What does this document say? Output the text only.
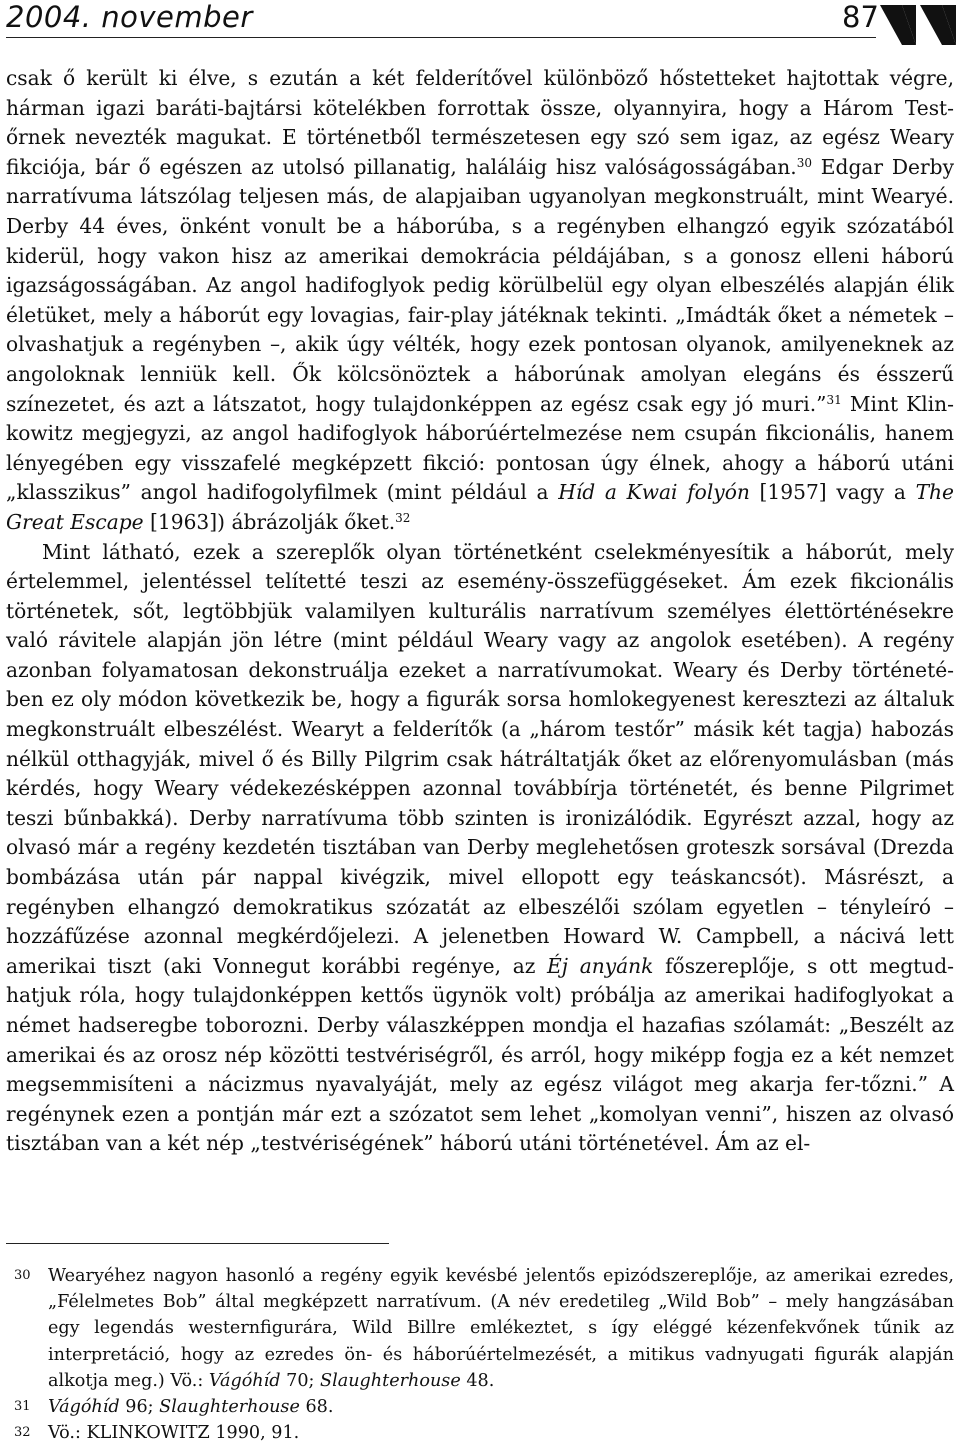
2004. november	87

csak ő került ki élve, s ezután a két felderítővel különböző hőstetteket hajtottak végre, hárman igazi baráti-bajtársi kötelékben forrottak össze, olyannyira, hogy a Három Test-őrnek nevezték magukat. E történetből természetesen egy szó sem igaz, az egész Weary fikciója, bár ő egészen az utolsó pillanatig, haláláig hisz valóságosságában.$^{30}$ Edgar Derby narratívuma látszólag teljesen más, de alapjaiban ugyanolyan megkonstruált, mint Wearyé. Derby 44 éves, önként vonult be a háborúba, s a regényben elhangzó egyik szózatából kiderül, hogy vakon hisz az amerikai demokrácia példájában, s a gonosz elleni háború igazságosságában. Az angol hadifoglyok pedig körülbelül egy olyan elbeszélés alapján élik életüket, mely a háborút egy lovagias, fair-play játéknak tekinti. „Imádták őket a németek – olvashatjuk a regényben –, akik úgy vélték, hogy ezek pontosan olyanok, amilyeneknek az angoloknak lenniük kell. Ők kölcsönöztek a háborúnak amolyan elegáns és ésszerű színezetet, és azt a látszatot, hogy tulajdonképpen az egész csak egy jó muri.”$^{31}$ Mint Klin-kowitz megjegyzi, az angol hadifoglyok háborúértelmezése nem csupán fikcionális, hanem lényegében egy visszafelé megképzett fikció: pontosan úgy élnek, ahogy a háború utáni „klasszikus” angol hadifogolyfilmek (mint például a Híd a Kwai folyón [1957] vagy a The Great Escape [1963]) ábrázolják őket.$^{32}$

Mint látható, ezek a szereplők olyan történetként cselekményesítik a háborút, mely értelemmel, jelentéssel telítetté teszi az esemény-összefüggéseket. Ám ezek fikcionális történetek, sőt, legtöbbjük valamilyen kulturális narratívum személyes élettörténésekre való rávitele alapján jön létre (mint például Weary vagy az angolok esetében). A regény azonban folyamatosan dekonstruálja ezeket a narratívumokat. Weary és Derby történeté-ben ez oly módon következik be, hogy a figurák sorsa homlokegyenest keresztezi az általuk megkonstruált elbeszélést. Wearyt a felderítők (a „három testőr” másik két tagja) habozás nélkül otthagyják, mivel ő és Billy Pilgrim csak hátráltatják őket az előrenyomulásban (más kérdés, hogy Weary védekezésképpen azonnal továbbírja történetét, és benne Pilgrimet teszi bűnbakká). Derby narratívuma több szinten is ironizálódik. Egyrészt azzal, hogy az olvasó már a regény kezdetén tisztában van Derby meglehetősen groteszk sorsával (Drezda bombázása után pár nappal kivégzik, mivel ellopott egy teáskancsót). Másrészt, a regényben elhangzó demokratikus szózatát az elbeszélői szólam egyetlen – tényleíró – hozzáfűzése azonnal megkérdőjelezi. A jelenetben Howard W. Campbell, a nácivá lett amerikai tiszt (aki Vonnegut korábbi regénye, az Éj anyánk főszereplője, s ott megtud-hatjuk róla, hogy tulajdonképpen kettős ügynök volt) próbálja az amerikai hadifoglyokat a német hadseregbe toborozni. Derby válaszképpen mondja el hazafias szólamát: „Beszélt az amerikai és az orosz nép közötti testvériségről, és arról, hogy miképp fogja ez a két nemzet megsemmisíteni a nácizmus nyavalyáját, mely az egész világot meg akarja fer-tőzni.” A regénynek ezen a pontján már ezt a szózatot sem lehet „komolyan venni”, hiszen az olvasó tisztában van a két nép „testvériségének” háború utáni történetével. Ám az el-

30 Wearyéhez nagyon hasonló a regény egyik kevésbé jelentős epizódszereplője, az amerikai ezredes, „Félelmetes Bob” által megképzett narratívum. (A név eredetileg „Wild Bob” – mely hangzásában egy legendás westernfigurára, Wild Billre emlékeztet, s így eléggé kézenfekvőnek tűnik az interpretáció, hogy az ezredes ön- és háborúértelmezését, a mitikus vadnyugati figurák alapján alkotja meg.) Vö.: Vágóhíd 70; Slaughterhouse 48.

31 Vágóhíd 96; Slaughterhouse 68.

32 Vö.: KLINKOWITZ 1990, 91.
